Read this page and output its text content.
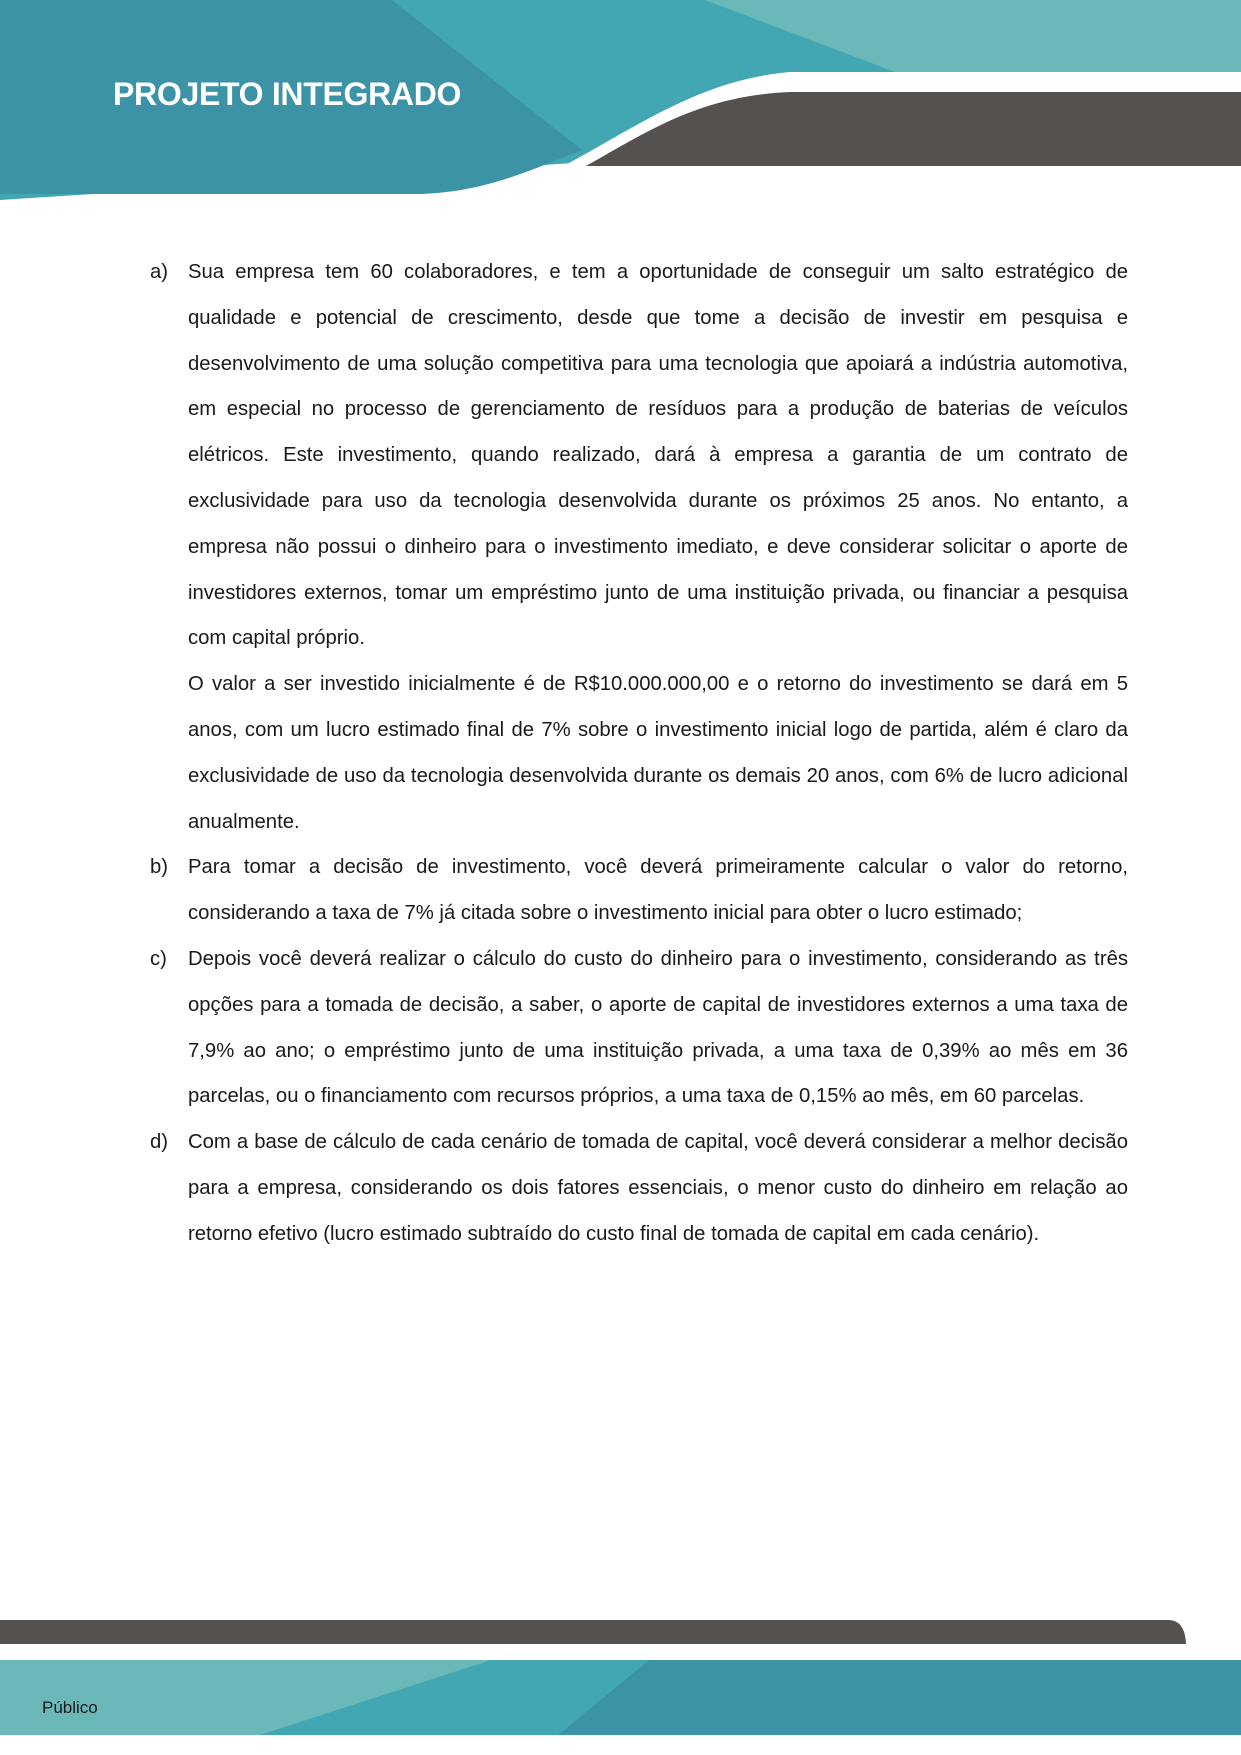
PROJETO INTEGRADO
a) Sua empresa tem 60 colaboradores, e tem a oportunidade de conseguir um salto estratégico de qualidade e potencial de crescimento, desde que tome a decisão de investir em pesquisa e desenvolvimento de uma solução competitiva para uma tecnologia que apoiará a indústria automotiva, em especial no processo de gerenciamento de resíduos para a produção de baterias de veículos elétricos. Este investimento, quando realizado, dará à empresa a garantia de um contrato de exclusividade para uso da tecnologia desenvolvida durante os próximos 25 anos. No entanto, a empresa não possui o dinheiro para o investimento imediato, e deve considerar solicitar o aporte de investidores externos, tomar um empréstimo junto de uma instituição privada, ou financiar a pesquisa com capital próprio.

O valor a ser investido inicialmente é de R$10.000.000,00 e o retorno do investimento se dará em 5 anos, com um lucro estimado final de 7% sobre o investimento inicial logo de partida, além é claro da exclusividade de uso da tecnologia desenvolvida durante os demais 20 anos, com 6% de lucro adicional anualmente.

b) Para tomar a decisão de investimento, você deverá primeiramente calcular o valor do retorno, considerando a taxa de 7% já citada sobre o investimento inicial para obter o lucro estimado;

c) Depois você deverá realizar o cálculo do custo do dinheiro para o investimento, considerando as três opções para a tomada de decisão, a saber, o aporte de capital de investidores externos a uma taxa de 7,9% ao ano; o empréstimo junto de uma instituição privada, a uma taxa de 0,39% ao mês em 36 parcelas, ou o financiamento com recursos próprios, a uma taxa de 0,15% ao mês, em 60 parcelas.

d) Com a base de cálculo de cada cenário de tomada de capital, você deverá considerar a melhor decisão para a empresa, considerando os dois fatores essenciais, o menor custo do dinheiro em relação ao retorno efetivo (lucro estimado subtraído do custo final de tomada de capital em cada cenário).

Público
